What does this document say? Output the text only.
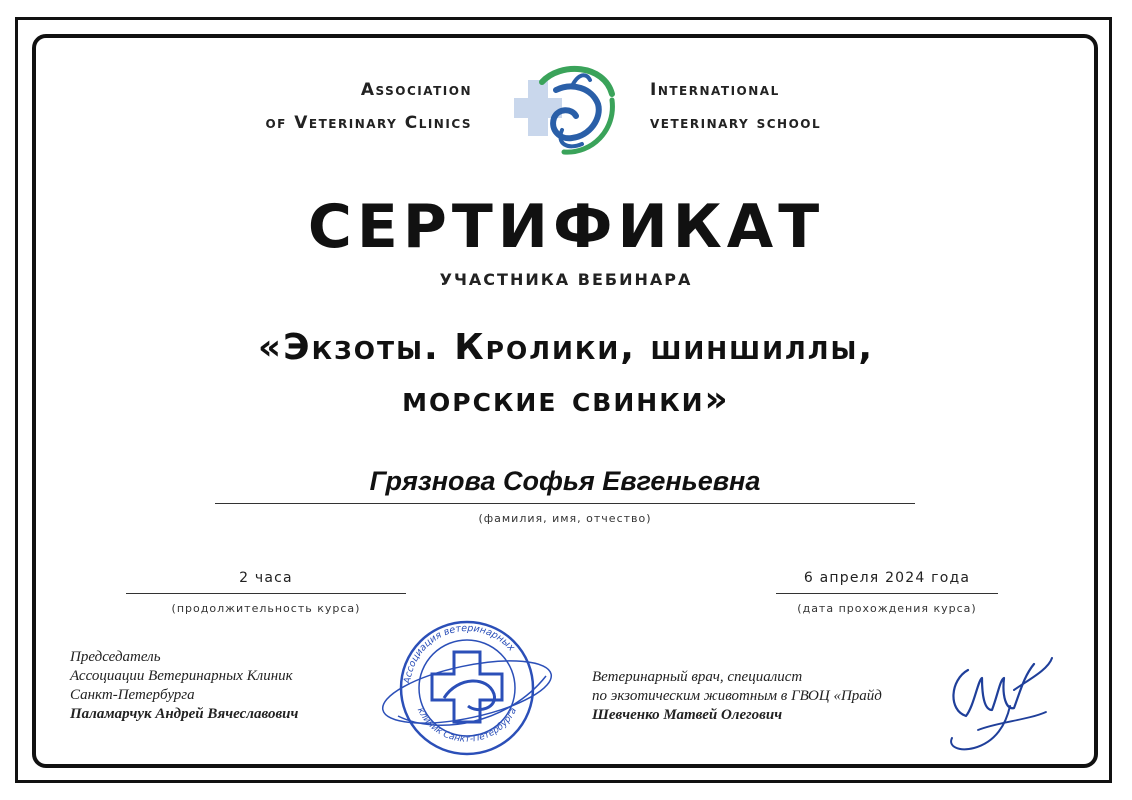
Association
of Veterinary Clinics
International
veterinary school
СЕРТИФИКАТ
УЧАСТНИКА ВЕБИНАРА
«Экзоты. Кролики, шиншиллы,
морские свинки»
Грязнова Софья Евгеньевна
(фамилия, имя, отчество)
2 часа
(продолжительность курса)
6 апреля 2024 года
(дата прохождения курса)
Председатель
Ассоциации Ветеринарных Клиник
Санкт-Петербурга
Паламарчук Андрей Вячеславович
Ассоциация ветеринарных
клиник Санкт-Петербурга
Ветеринарный врач, специалист
по экзотическим животным в ГВОЦ «Прайд
Шевченко Матвей Олегович
